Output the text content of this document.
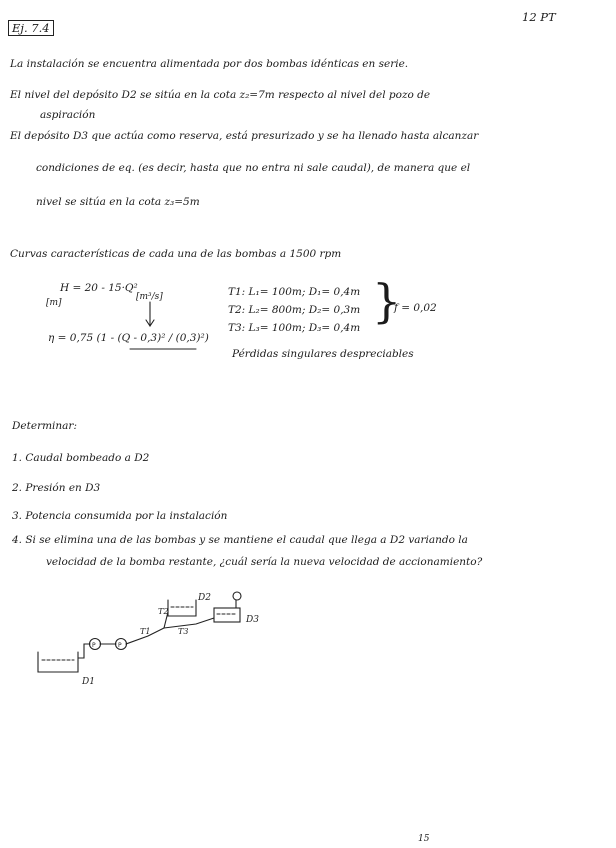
Ej. 7.4
12 PT
La instalación se encuentra alimentada por dos bombas idénticas en serie.
El nivel del depósito D2 se sitúa en la cota z₂=7m respecto al nivel del pozo de
aspiración
El depósito D3 que actúa como reserva, está presurizado y se ha llenado hasta alcanzar
condiciones de eq. (es decir, hasta que no entra ni sale caudal), de manera que el
nivel se sitúa en la cota z₃=5m
Curvas características de cada una de las bombas a 1500 rpm
H = 20 - 15·Q²
[m]
[m³/s]
η = 0,75 (1 - (Q - 0,3)² / (0,3)²)
T1: L₁= 100m; D₁= 0,4m
T2: L₂= 800m; D₂= 0,3m
T3: L₃= 100m; D₃= 0,4m }
f = 0,02
Pérdidas singulares despreciables
Determinar:
1. Caudal bombeado a D2
2. Presión en D3
3. Potencia consumida por la instalación
4. Si se elimina una de las bombas y se mantiene el caudal que llega a D2 variando la
velocidad de la bomba restante, ¿cuál sería la nueva velocidad de accionamiento?
D1
D2
D3
T1
T2
T3
P	P
15
